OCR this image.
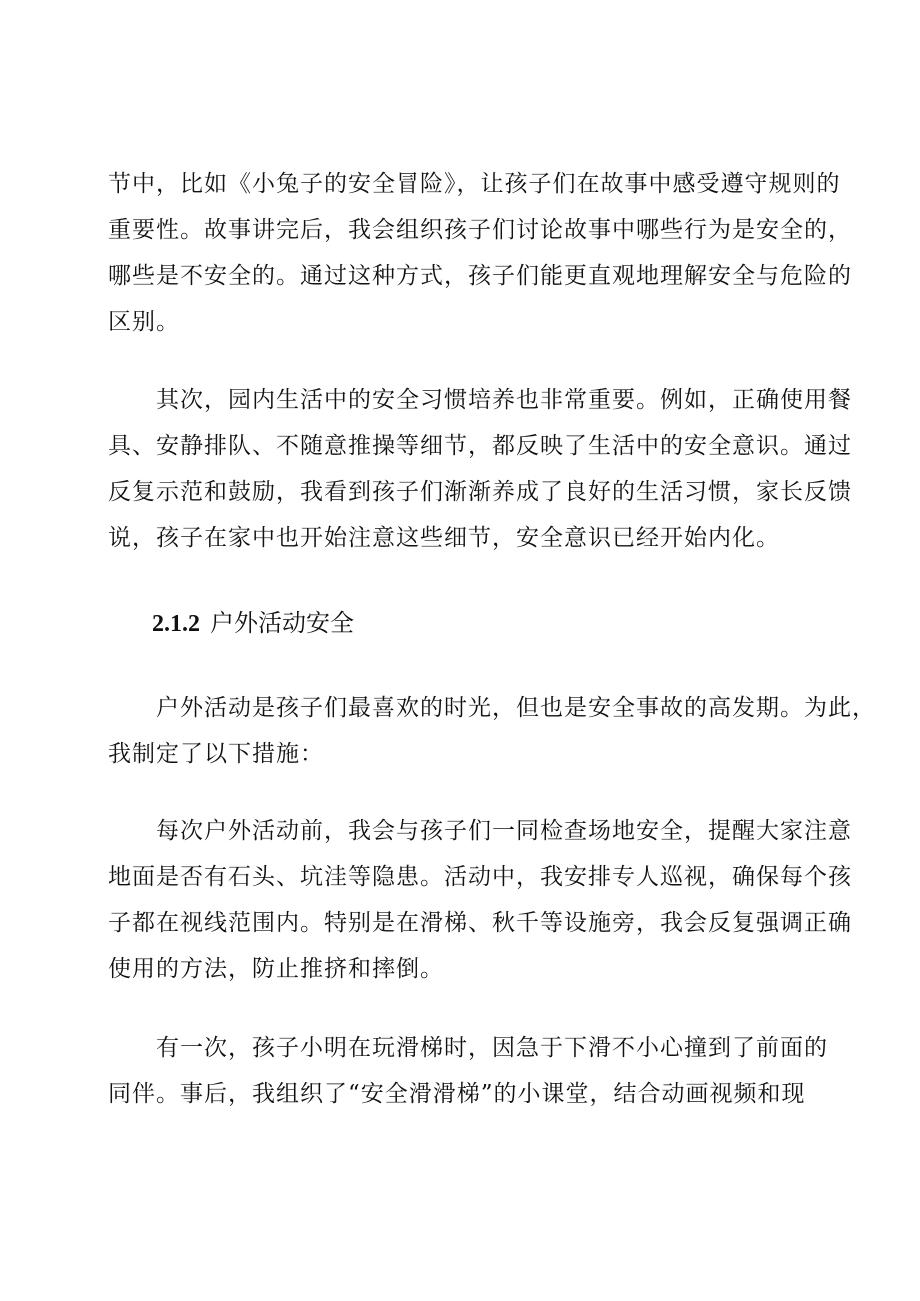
节中，比如《小兔子的安全冒险》，让孩子们在故事中感受遵守规则的
重要性。故事讲完后，我会组织孩子们讨论故事中哪些行为是安全的，
哪些是不安全的。通过这种方式，孩子们能更直观地理解安全与危险的
区别。
　　其次，园内生活中的安全习惯培养也非常重要。例如，正确使用餐
具、安静排队、不随意推操等细节，都反映了生活中的安全意识。通过
反复示范和鼓励，我看到孩子们渐渐养成了良好的生活习惯，家长反馈
说，孩子在家中也开始注意这些细节，安全意识已经开始内化。
2.1.2 户外活动安全
　　户外活动是孩子们最喜欢的时光，但也是安全事故的高发期。为此，
我制定了以下措施：
　　每次户外活动前，我会与孩子们一同检查场地安全，提醒大家注意
地面是否有石头、坑洼等隐患。活动中，我安排专人巡视，确保每个孩
子都在视线范围内。特别是在滑梯、秋千等设施旁，我会反复强调正确
使用的方法，防止推挤和摔倒。
　　有一次，孩子小明在玩滑梯时，因急于下滑不小心撞到了前面的
同伴。事后，我组织了“安全滑滑梯”的小课堂，结合动画视频和现
